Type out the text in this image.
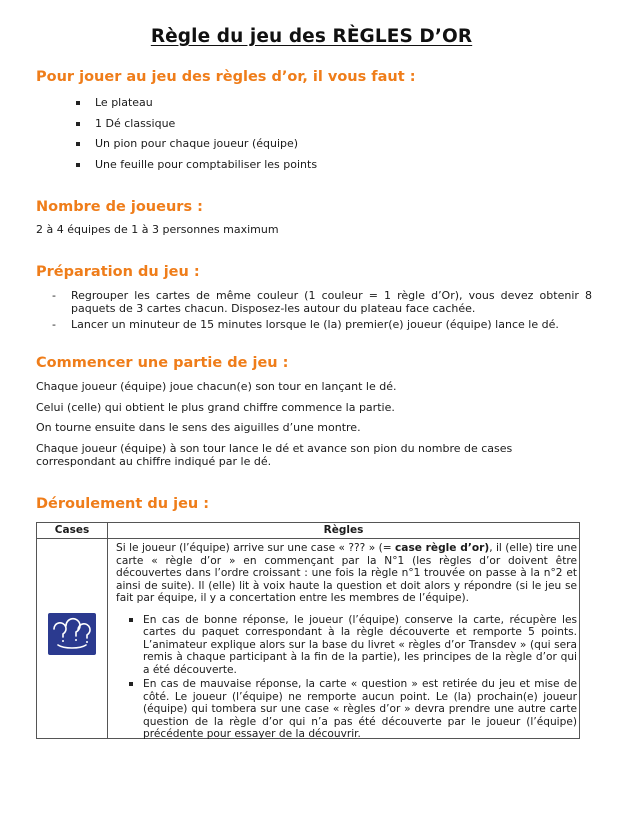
Règle du jeu des RÈGLES D’OR
Pour jouer au jeu des règles d’or, il vous faut :
Le plateau
1 Dé classique
Un pion pour chaque joueur (équipe)
Une feuille pour comptabiliser les points
Nombre de joueurs :

2 à 4 équipes de 1 à 3 personnes maximum

Préparation du jeu :
- Regrouper les cartes de même couleur (1 couleur = 1 règle d’Or), vous devez obtenir 8 paquets de 3 cartes chacun. Disposez-les autour du plateau face cachée.
- Lancer un minuteur de 15 minutes lorsque le (la) premier(e) joueur (équipe) lance le dé.
Commencer une partie de jeu :

Chaque joueur (équipe) joue chacun(e) son tour en lançant le dé.

Celui (celle) qui obtient le plus grand chiffre commence la partie.

On tourne ensuite dans le sens des aiguilles d’une montre.

Chaque joueur (équipe) à son tour lance le dé et avance son pion du nombre de cases correspondant au chiffre indiqué par le dé.

Déroulement du jeu :
Cases	Règles

Si le joueur (l’équipe) arrive sur une case « ??? » (= case règle d’or), il (elle) tire une carte « règle d’or » en commençant par la N°1 (les règles d’or doivent être découvertes dans l’ordre croissant : une fois la règle n°1 trouvée on passe à la n°2 et ainsi de suite). Il (elle) lit à voix haute la question et doit alors y répondre (si le jeu se fait par équipe, il y a concertation entre les membres de l’équipe).

En cas de bonne réponse, le joueur (l’équipe) conserve la carte, récupère les cartes du paquet correspondant à la règle découverte et remporte 5 points. L’animateur explique alors sur la base du livret « règles d’or Transdev » (qui sera remis à chaque participant à la fin de la partie), les principes de la règle d’or qui a été découverte.
En cas de mauvaise réponse, la carte « question » est retirée du jeu et mise de côté. Le joueur (l’équipe) ne remporte aucun point. Le (la) prochain(e) joueur (équipe) qui tombera sur une case « règles d’or » devra prendre une autre carte question de la règle d’or qui n’a pas été découverte par le joueur (l’équipe) précédente pour essayer de la découvrir.
